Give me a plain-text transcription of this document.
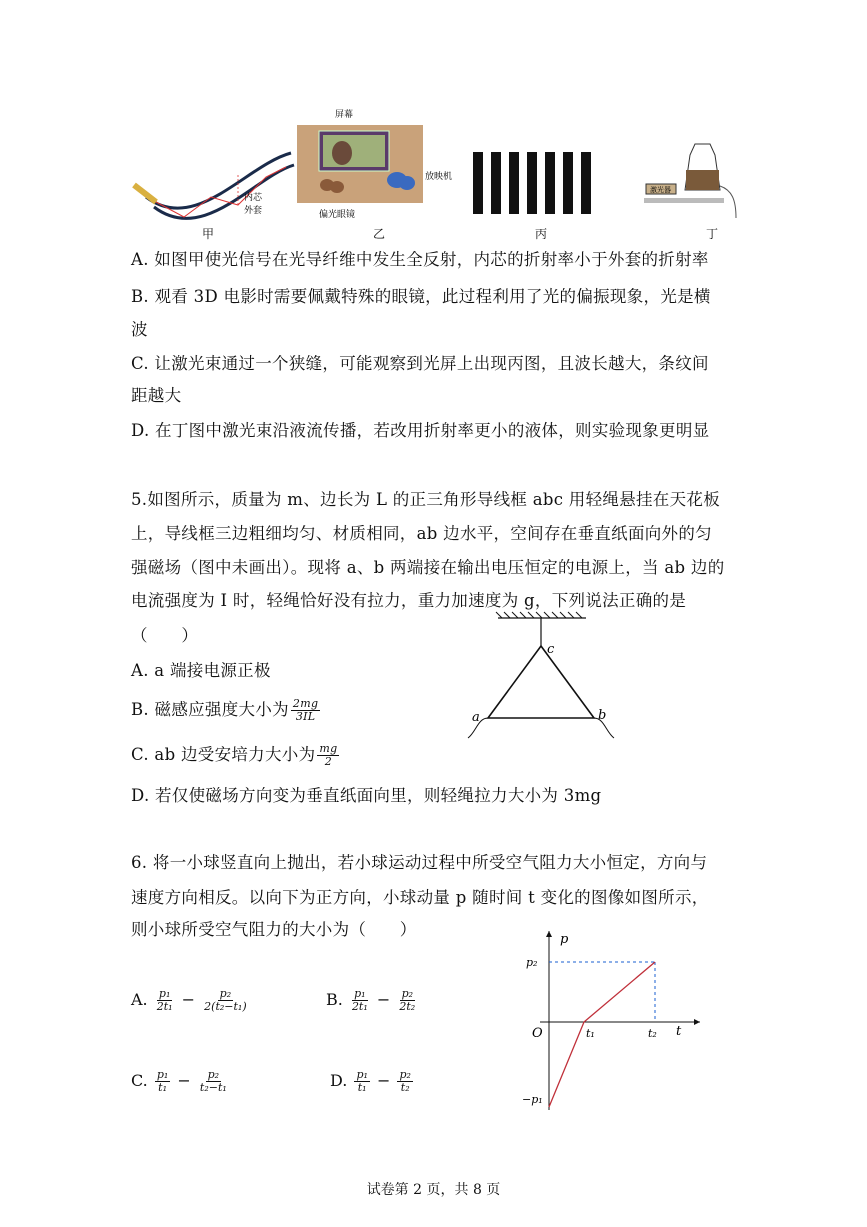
内芯
外套
屏幕
放映机
偏光眼镜
激光器
甲	乙	丙	丁
A. 如图甲使光信号在光导纤维中发生全反射，内芯的折射率小于外套的折射率
B. 观看 3D 电影时需要佩戴特殊的眼镜，此过程利用了光的偏振现象，光是横
波
C. 让激光束通过一个狭缝，可能观察到光屏上出现丙图，且波长越大，条纹间
距越大
D. 在丁图中激光束沿液流传播，若改用折射率更小的液体，则实验现象更明显
5.如图所示，质量为 m、边长为 L 的正三角形导线框 abc 用轻绳悬挂在天花板
上，导线框三边粗细均匀、材质相同，ab 边水平，空间存在垂直纸面向外的匀
强磁场（图中未画出）。现将 a、b 两端接在输出电压恒定的电源上，当 ab 边的
电流强度为 I 时，轻绳恰好没有拉力，重力加速度为 g，下列说法正确的是
（　　）
A. a 端接电源正极
B. 磁感应强度大小为 $\frac{2mg}{3IL}$
C. ab 边受安培力大小为 $\frac{mg}{2}$
D. 若仅使磁场方向变为垂直纸面向里，则轻绳拉力大小为 3mg
c
a	b
6. 将一小球竖直向上抛出，若小球运动过程中所受空气阻力大小恒定，方向与
速度方向相反。以向下为正方向，小球动量 p 随时间 t 变化的图像如图所示，
则小球所受空气阻力的大小为（　　）
A. $\frac{\text{p₁}}{\text{2t₁}} - \frac{\text{p₂}}{\text{2(t₂−t₁)}}$	B. $\frac{\text{p₁}}{\text{2t₁}} - \frac{\text{p₂}}{\text{2t₂}}$
C. $\frac{\text{p₁}}{\text{t₁}} - \frac{\text{p₂}}{\text{t₂−t₁}}$	D. $\frac{\text{p₁}}{\text{t₁}} - \frac{\text{p₂}}{\text{t₂}}$
p
t
O
p₂
−p₁
t₁	t₂
试卷第 2 页，共 8 页
